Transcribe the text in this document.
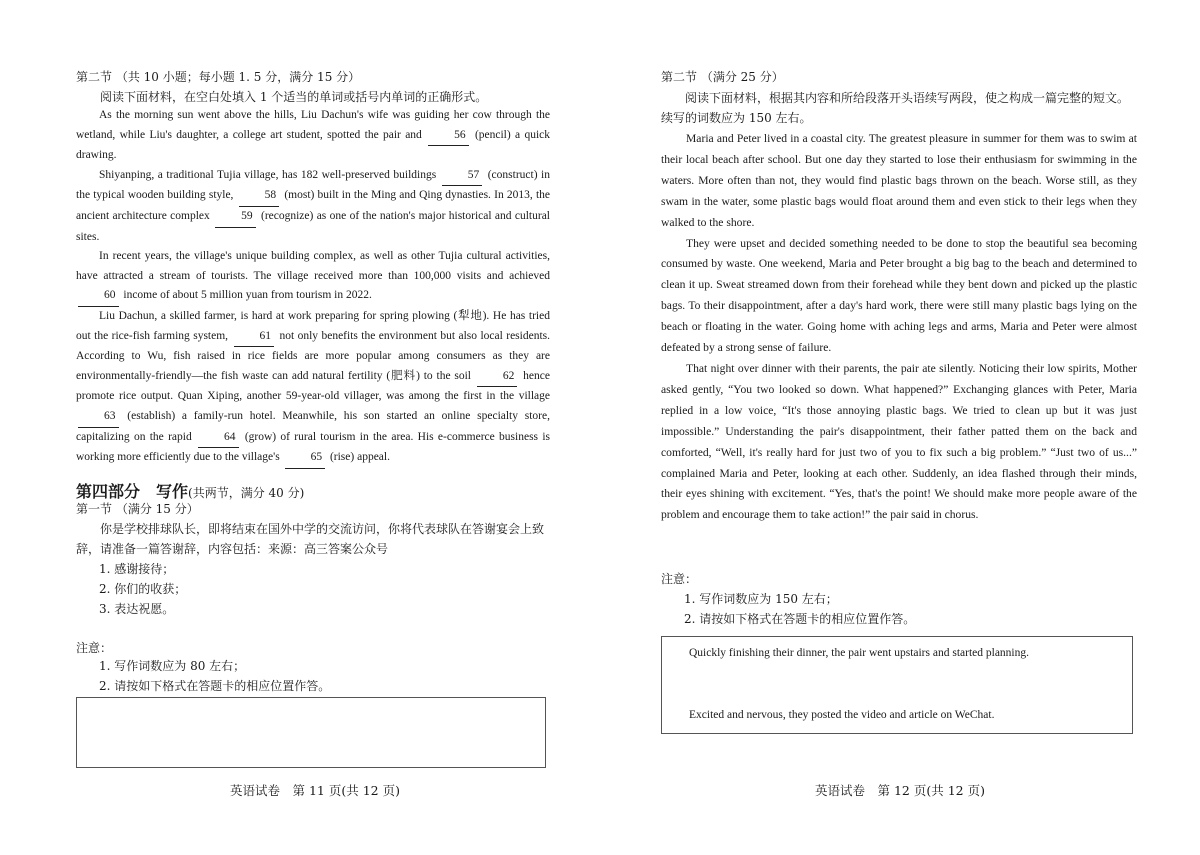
第二节 （共 10 小题；每小题 1. 5 分，满分 15 分）
阅读下面材料，在空白处填入 1 个适当的单词或括号内单词的正确形式。

As the morning sun went above the hills, Liu Dachun's wife was guiding her cow through the wetland, while Liu's daughter, a college art student, spotted the pair and 56 (pencil) a quick drawing.

Shiyanping, a traditional Tujia village, has 182 well-preserved buildings 57 (construct) in the typical wooden building style, 58 (most) built in the Ming and Qing dynasties. In 2013, the ancient architecture complex 59 (recognize) as one of the nation's major historical and cultural sites.

In recent years, the village's unique building complex, as well as other Tujia cultural activities, have attracted a stream of tourists. The village received more than 100,000 visits and achieved 60 income of about 5 million yuan from tourism in 2022.

Liu Dachun, a skilled farmer, is hard at work preparing for spring plowing (犁地). He has tried out the rice-fish farming system, 61 not only benefits the environment but also local residents. According to Wu, fish raised in rice fields are more popular among consumers as they are environmentally-friendly—the fish waste can add natural fertility (肥料) to the soil 62 hence promote rice output. Quan Xiping, another 59-year-old villager, was among the first in the village 63 (establish) a family-run hotel. Meanwhile, his son started an online specialty store, capitalizing on the rapid 64 (grow) of rural tourism in the area. His e-commerce business is working more efficiently due to the village's 65 (rise) appeal.

第四部分　写作(共两节，满分 40 分)
第一节 （满分 15 分）
你是学校排球队长，即将结束在国外中学的交流访问，你将代表球队在答谢宴会上致辞，请准备一篇答谢辞，内容包括：来源：高三答案公众号
1. 感谢接待；
2. 你们的收获；
3. 表达祝愿。
注意：
1. 写作词数应为 80 左右；
2. 请按如下格式在答题卡的相应位置作答。
英语试卷　第 11 页(共 12 页)
第二节 （满分 25 分）
阅读下面材料，根据其内容和所给段落开头语续写两段，使之构成一篇完整的短文。续写的词数应为 150 左右。

Maria and Peter lived in a coastal city. The greatest pleasure in summer for them was to swim at their local beach after school. But one day they started to lose their enthusiasm for swimming in the waters. More often than not, they would find plastic bags thrown on the beach. Worse still, as they swam in the water, some plastic bags would float around them and even stick to their legs when they walked to the shore.

They were upset and decided something needed to be done to stop the beautiful sea becoming consumed by waste. One weekend, Maria and Peter brought a big bag to the beach and determined to clean it up. Sweat streamed down from their forehead while they bent down and picked up the plastic bags. To their disappointment, after a day's hard work, there were still many plastic bags lying on the beach or floating in the water. Going home with aching legs and arms, Maria and Peter were almost defeated by a strong sense of failure.

That night over dinner with their parents, the pair ate silently. Noticing their low spirits, Mother asked gently, “You two looked so down. What happened?” Exchanging glances with Peter, Maria replied in a low voice, “It's those annoying plastic bags. We tried to clean up but it was just impossible.” Understanding the pair's disappointment, their father patted them on the back and comforted, “Well, it's really hard for just two of you to fix such a big problem.” “Just two of us...” complained Maria and Peter, looking at each other. Suddenly, an idea flashed through their minds, their eyes shining with excitement. “Yes, that's the point! We should make more people aware of the problem and encourage them to take action!” the pair said in chorus.

注意：
1. 写作词数应为 150 左右；
2. 请按如下格式在答题卡的相应位置作答。
Quickly finishing their dinner, the pair went upstairs and started planning.
Excited and nervous, they posted the video and article on WeChat.
英语试卷　第 12 页(共 12 页)
